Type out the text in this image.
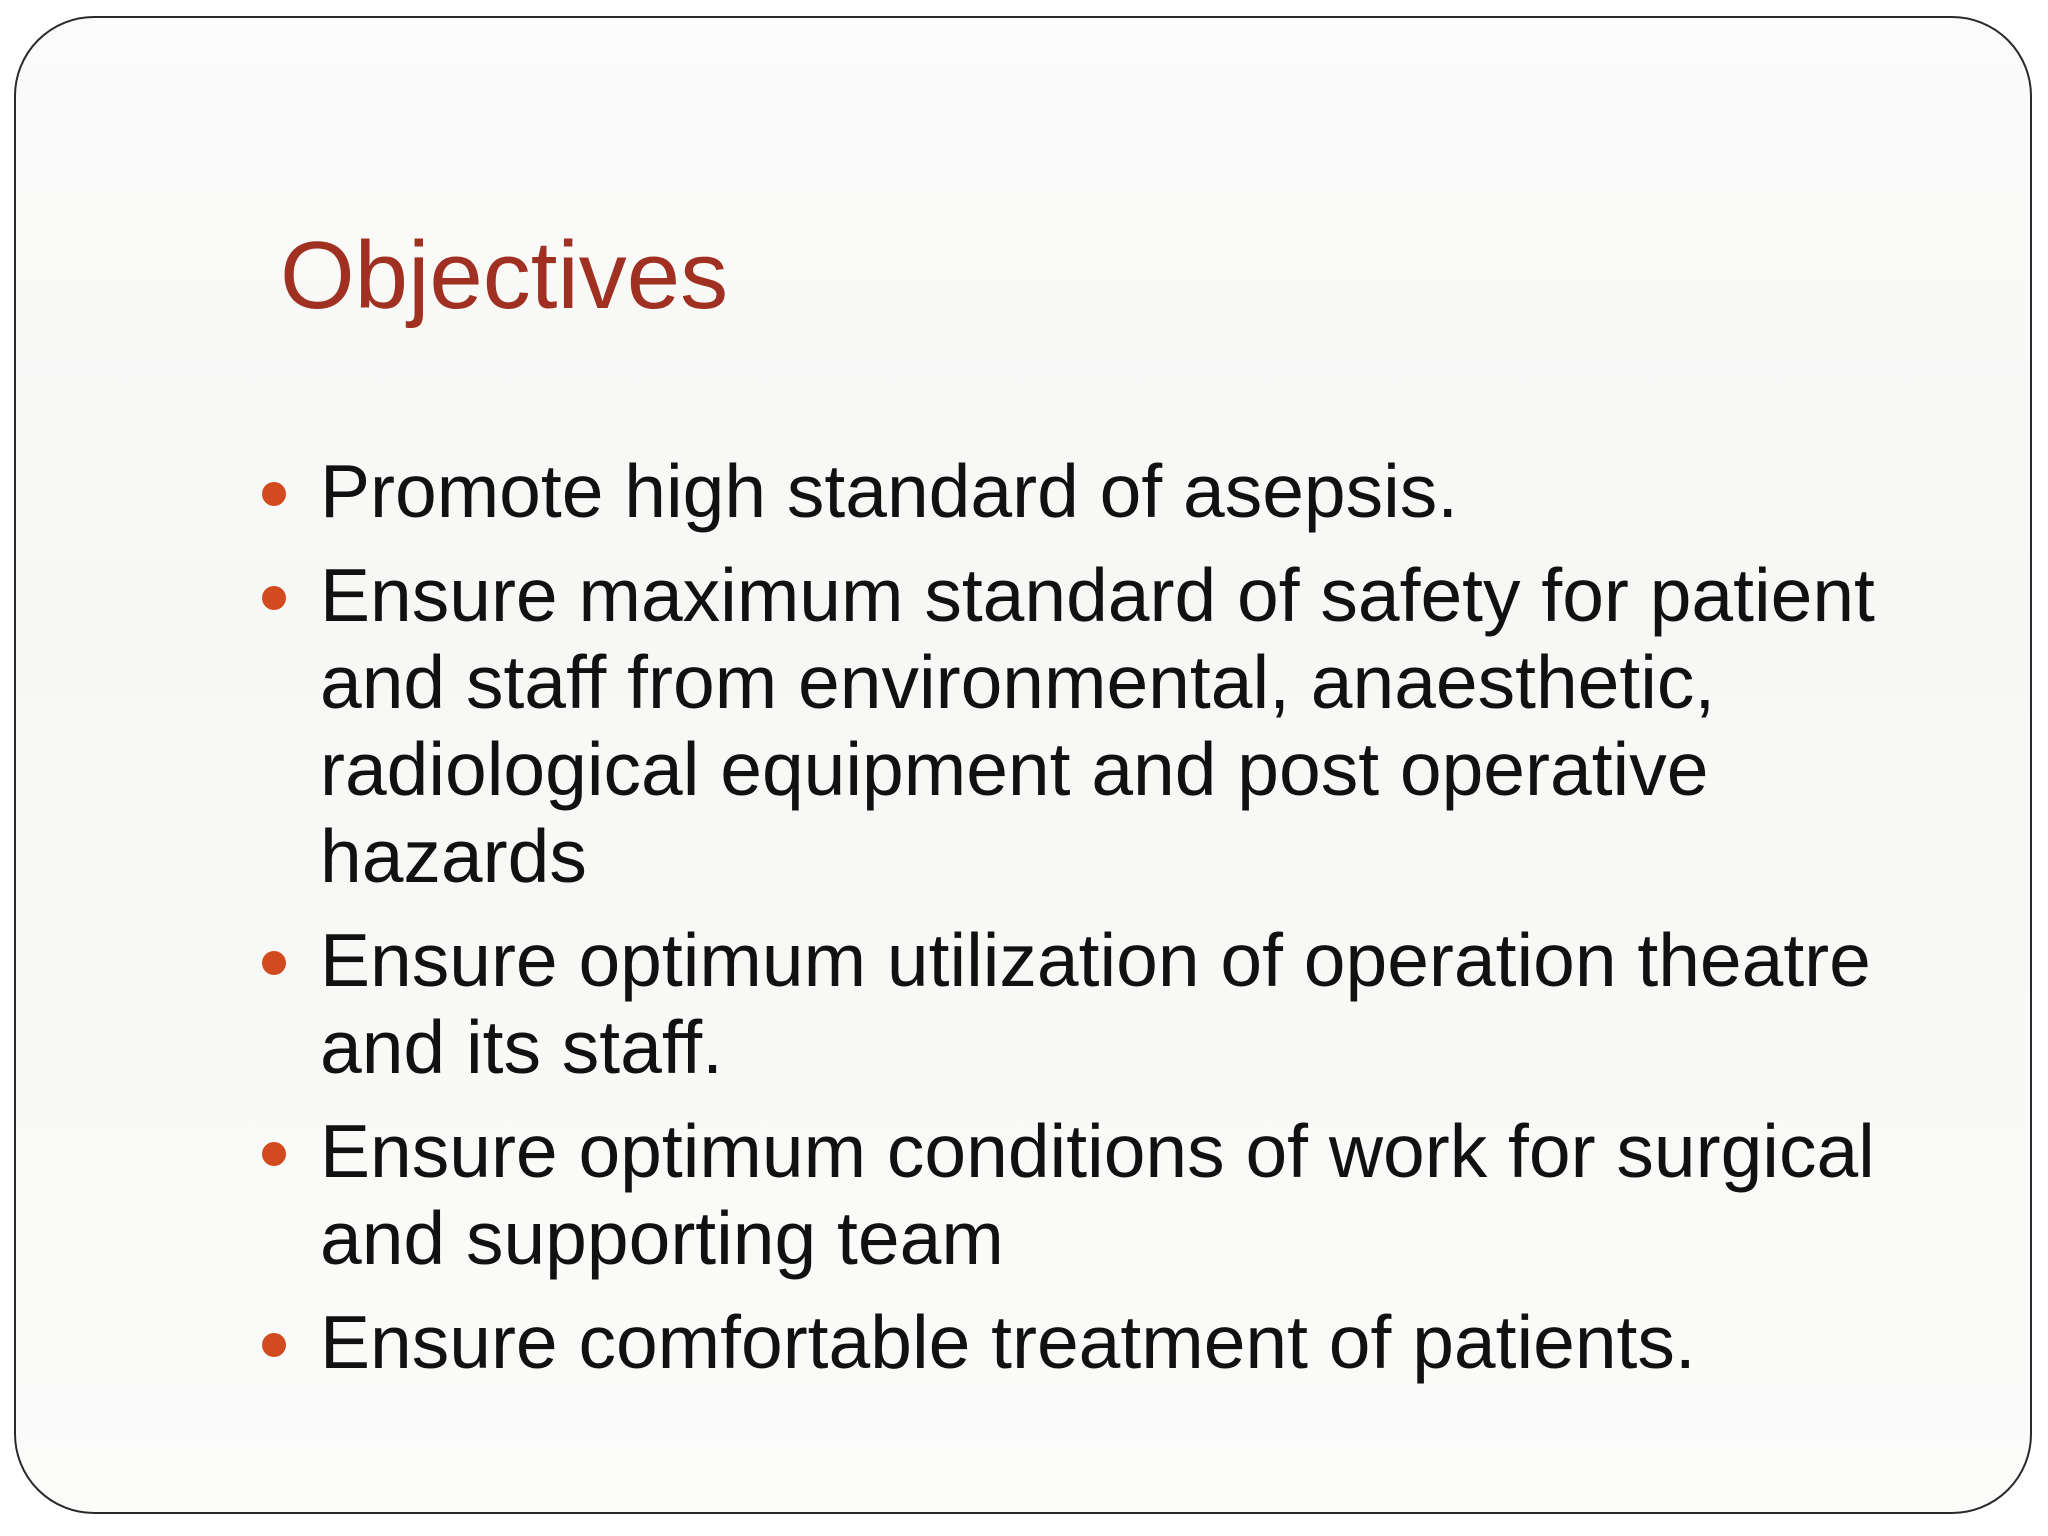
Objectives
Promote high standard of asepsis.
Ensure maximum standard of safety for patient and staff from environmental, anaesthetic, radiological equipment and post operative hazards
Ensure optimum utilization of operation theatre and its staff.
Ensure optimum conditions of work for surgical and supporting team
Ensure comfortable treatment of patients.
